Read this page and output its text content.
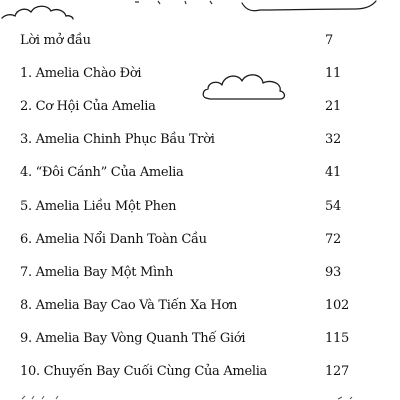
Lời mở đầu	7
1. Amelia Chào Đời	11
2. Cơ Hội Của Amelia	21
3. Amelia Chinh Phục Bầu Trời	32
4. “Đôi Cánh” Của Amelia	41
5. Amelia Liều Một Phen	54
6. Amelia Nổi Danh Toàn Cầu	72
7. Amelia Bay Một Mình	93
8. Amelia Bay Cao Và Tiến Xa Hơn	102
9. Amelia Bay Vòng Quanh Thế Giới	115
10. Chuyến Bay Cuối Cùng Của Amelia	127
